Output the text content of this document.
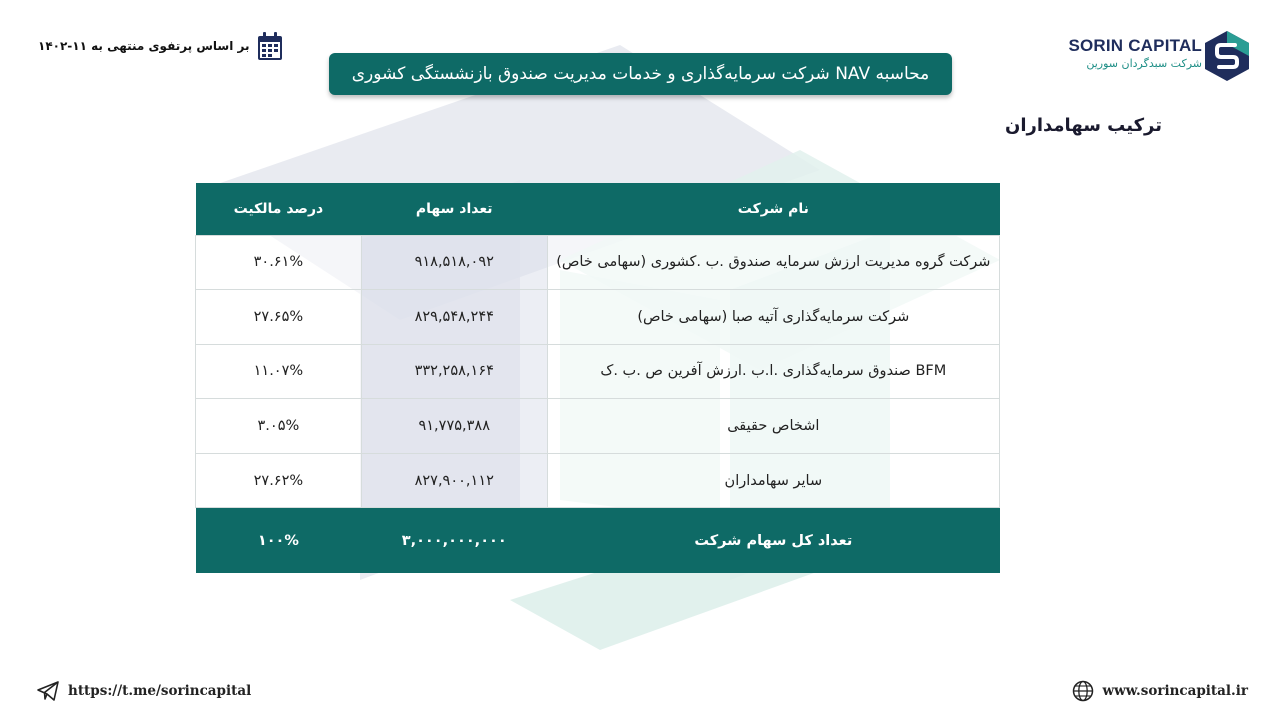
بر اساس پرتفوی منتهی به ۱۱-۱۴۰۲
محاسبه NAV شرکت سرمایه‌گذاری و خدمات مدیریت صندوق بازنشستگی کشوری
SORIN CAPITAL
شرکت سبدگردان سورین
ترکیب سهامداران
نام شرکت	تعداد سهام	درصد مالکیت
شرکت گروه مدیریت ارزش سرمایه صندوق .ب .کشوری (سهامی خاص)	۹۱۸,۵۱۸,۰۹۲	۳۰.۶۱%
شرکت سرمایه‌گذاری آتیه صبا (سهامی خاص)	۸۲۹,۵۴۸,۲۴۴	۲۷.۶۵%
BFM صندوق سرمایه‌گذاری .ا.ب .ارزش آفرین ص .ب .ک	۳۳۲,۲۵۸,۱۶۴	۱۱.۰۷%
اشخاص حقیقی	۹۱,۷۷۵,۳۸۸	۳.۰۵%
سایر سهامداران	۸۲۷,۹۰۰,۱۱۲	۲۷.۶۲%
تعداد کل سهام شرکت	۳,۰۰۰,۰۰۰,۰۰۰	۱۰۰%
https://t.me/sorincapital	www.sorincapital.ir
